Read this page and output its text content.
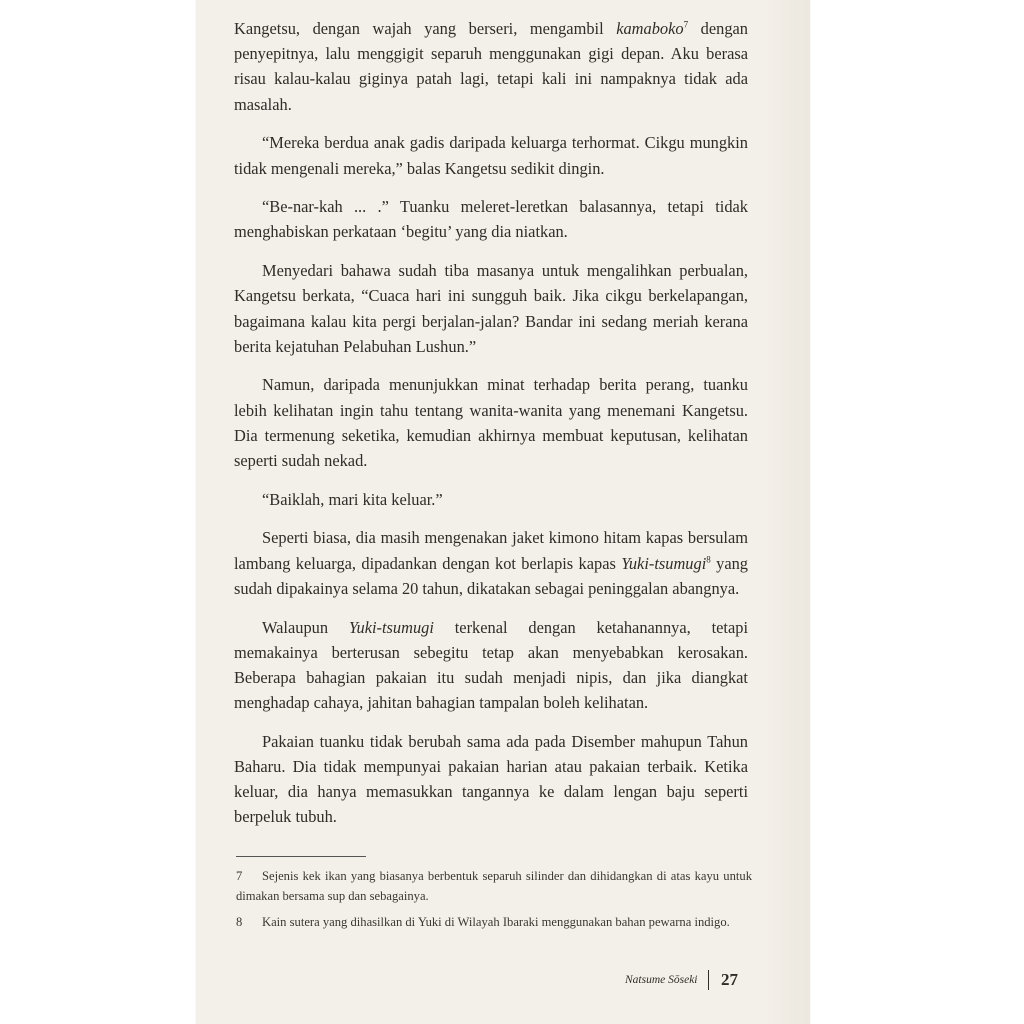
Kangetsu, dengan wajah yang berseri, mengambil kamaboko$^7$ dengan penyepitnya, lalu menggigit separuh menggunakan gigi depan. Aku berasa risau kalau-kalau giginya patah lagi, tetapi kali ini nampaknya tidak ada masalah.

“Mereka berdua anak gadis daripada keluarga terhormat. Cikgu mungkin tidak mengenali mereka,” balas Kangetsu sedikit dingin.

“Be-nar-kah ... .” Tuanku meleret-leretkan balasannya, tetapi tidak menghabiskan perkataan ‘begitu’ yang dia niatkan.

Menyedari bahawa sudah tiba masanya untuk mengalihkan perbualan, Kangetsu berkata, “Cuaca hari ini sungguh baik. Jika cikgu berkelapangan, bagaimana kalau kita pergi berjalan-jalan? Bandar ini sedang meriah kerana berita kejatuhan Pelabuhan Lushun.”

Namun, daripada menunjukkan minat terhadap berita perang, tuanku lebih kelihatan ingin tahu tentang wanita-wanita yang menemani Kangetsu. Dia termenung seketika, kemudian akhirnya membuat keputusan, kelihatan seperti sudah nekad.

“Baiklah, mari kita keluar.”

Seperti biasa, dia masih mengenakan jaket kimono hitam kapas bersulam lambang keluarga, dipadankan dengan kot berlapis kapas Yuki-tsumugi$^8$ yang sudah dipakainya selama 20 tahun, dikatakan sebagai peninggalan abangnya.

Walaupun Yuki-tsumugi terkenal dengan ketahanannya, tetapi memakainya berterusan sebegitu tetap akan menyebabkan kerosakan. Beberapa bahagian pakaian itu sudah menjadi nipis, dan jika diangkat menghadap cahaya, jahitan bahagian tampalan boleh kelihatan.

Pakaian tuanku tidak berubah sama ada pada Disember mahupun Tahun Baharu. Dia tidak mempunyai pakaian harian atau pakaian terbaik. Ketika keluar, dia hanya memasukkan tangannya ke dalam lengan baju seperti berpeluk tubuh.

7 Sejenis kek ikan yang biasanya berbentuk separuh silinder dan dihidangkan di atas kayu untuk dimakan bersama sup dan sebagainya.

8 Kain sutera yang dihasilkan di Yuki di Wilayah Ibaraki menggunakan bahan pewarna indigo.

Natsume Sōseki 27
